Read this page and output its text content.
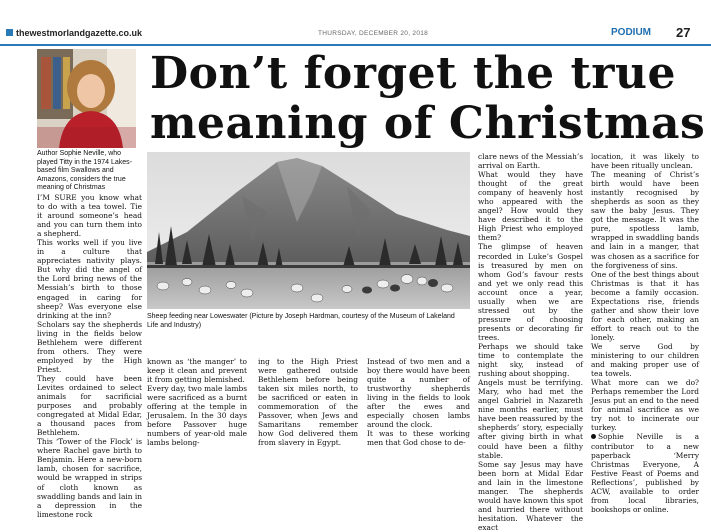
thewestmorlandgazette.co.uk	THURSDAY, DECEMBER 20, 2018	PODIUM 27
Author Sophie Neville, who played Titty in the 1974 Lakes-based film Swallows and Amazons, considers the true meaning of Christmas
Don’t forget the true meaning of Christmas
Sheep feeding near Loweswater (Picture by Joseph Hardman, courtesy of the Museum of Lakeland Life and Industry)

I’M SURE you know what to do with a tea towel. Tie it around someone’s head and you can turn them into a shepherd.

This works well if you live in a culture that appreciates nativity plays. But why did the angel of the Lord bring news of the Messiah’s birth to those engaged in caring for sheep? Was everyone else drinking at the inn?

Scholars say the shepherds living in the fields below Bethlehem were different from others. They were employed by the High Priest.

They could have been Levites ordained to select animals for sacrificial purposes and probably congregated at Midal Edar, a thousand paces from Bethlehem.

This ‘Tower of the Flock’ is where Rachel gave birth to Benjamin. Here a new-born lamb, chosen for sacrifice, would be wrapped in strips of cloth known as swaddling bands and lain in a depression in the limestone rock

known as ‘the manger’ to keep it clean and prevent it from getting blemished.

Every day, two male lambs were sacrificed as a burnt offering at the temple in Jerusalem. In the 30 days before Passover huge numbers of year-old male lambs belong-

ing to the High Priest were gathered outside Bethlehem before being taken six miles north, to be sacrificed or eaten in commemoration of the Passover, when Jews and Samaritans remember how God delivered them from slavery in Egypt.

Instead of two men and a boy there would have been quite a number of trustworthy shepherds living in the fields to look after the ewes and especially chosen lambs around the clock.

It was to these working men that God chose to de-

clare news of the Messiah’s arrival on Earth.

What would they have thought of the great company of heavenly host who appeared with the angel? How would they have described it to the High Priest who employed them?

The glimpse of heaven recorded in Luke’s Gospel is treasured by men on whom God’s favour rests and yet we only read this account once a year, usually when we are stressed out by the pressure of choosing presents or decorating fir trees.

Perhaps we should take time to contemplate the night sky, instead of rushing about shopping.

Angels must be terrifying. Mary, who had met the angel Gabriel in Nazareth nine months earlier, must have been reassured by the shepherds’ story, especially after giving birth in what could have been a filthy stable.

Some say Jesus may have been born at Midal Edar and lain in the limestone manger. The shepherds would have known this spot and hurried there without hesitation. Whatever the exact

location, it was likely to have been ritually unclean.

The meaning of Christ’s birth would have been instantly recognised by shepherds as soon as they saw the baby Jesus. They got the message. It was the pure, spotless lamb, wrapped in swaddling bands and lain in a manger, that was chosen as a sacrifice for the forgiveness of sins.

One of the best things about Christmas is that it has become a family occasion. Expectations rise, friends gather and show their love for each other, making an effort to reach out to the lonely.

We serve God by ministering to our children and making proper use of tea towels.

What more can we do? Perhaps remember the Lord Jesus put an end to the need for animal sacrifice as we try not to incinerate our turkey.

Sophie Neville is a contributor to a new paperback ‘Merry Christmas Everyone, A Festive Feast of Poems and Reflections’, published by ACW, available to order from local libraries, bookshops or online.
